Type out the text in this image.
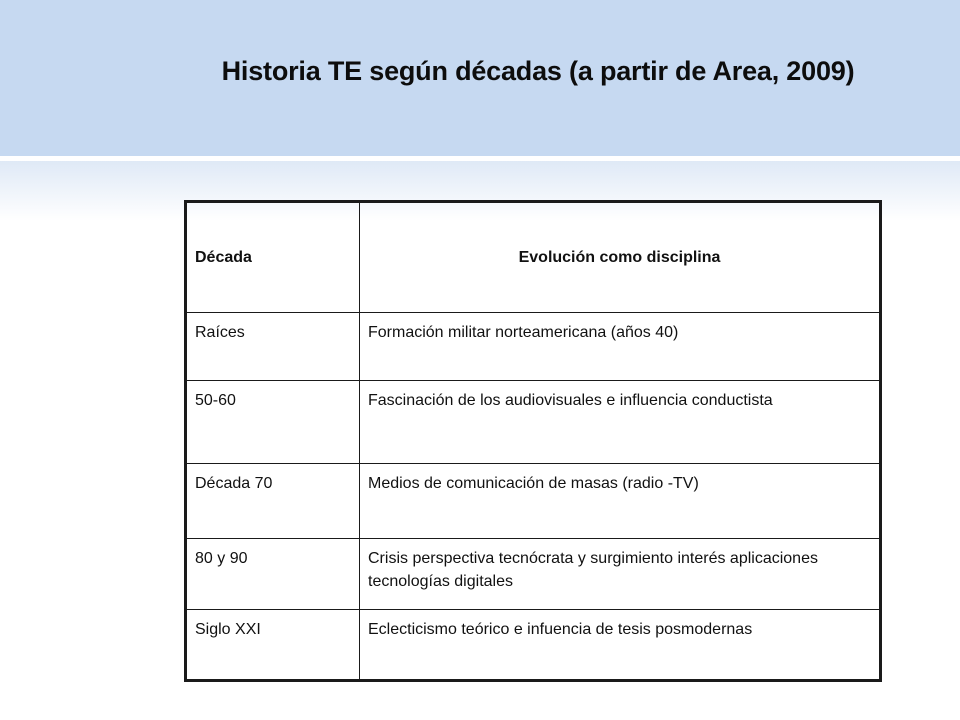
Historia TE según décadas (a partir de Area, 2009)
Década	Evolución como disciplina
Raíces	Formación militar norteamericana (años 40)
50-60	Fascinación de los audiovisuales e influencia conductista
Década 70	Medios de comunicación de masas (radio -TV)
80 y 90	Crisis perspectiva tecnócrata y surgimiento interés aplicaciones tecnologías digitales
Siglo XXI	Eclecticismo teórico e infuencia de tesis posmodernas
